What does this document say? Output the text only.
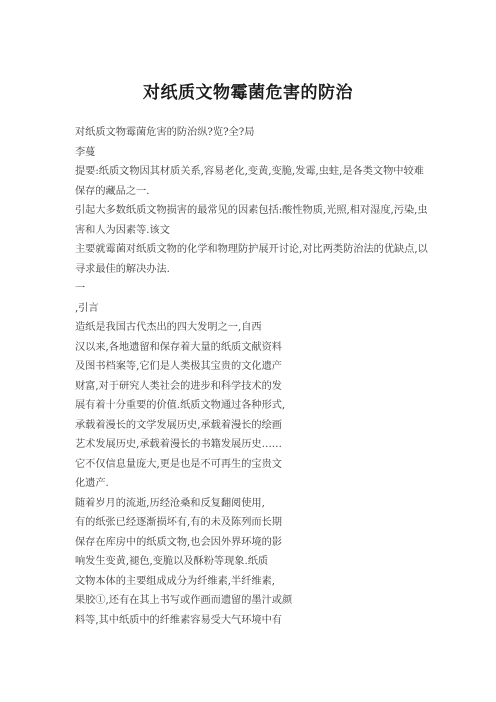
对纸质文物霉菌危害的防治
对纸质文物霉菌危害的防治纵?览?全?局
李蔓
提要:纸质文物因其材质关系,容易老化,变黄,变脆,发霉,虫蛀,是各类文物中较难
保存的藏品之一.
引起大多数纸质文物损害的最常见的因素包括:酸性物质,光照,相对湿度,污染,虫
害和人为因素等.该文
主要就霉菌对纸质文物的化学和物理防护展开讨论,对比两类防治法的优缺点,以
寻求最佳的解决办法.
一
,引言
造纸是我国古代杰出的四大发明之一,自西
汉以来,各地遗留和保存着大量的纸质文献资料
及图书档案等,它们是人类极其宝贵的文化遗产
财富,对于研究人类社会的进步和科学技术的发
展有着十分重要的价值.纸质文物通过各种形式,
承载着漫长的文学发展历史,承载着漫长的绘画
艺术发展历史,承载着漫长的书籍发展历史……
它不仅信息量庞大,更是也是不可再生的宝贵文
化遗产.
随着岁月的流逝,历经沧桑和反复翻阅使用,
有的纸张已经逐渐损坏有,有的未及陈列而长期
保存在库房中的纸质文物,也会因外界环境的影
响发生变黄,褪色,变脆以及酥粉等现象.纸质
文物本体的主要组成成分为纤维素,半纤维素,
果胶①,还有在其上书写或作画而遗留的墨汁或颜
料等,其中纸质中的纤维素容易受大气环境中有
